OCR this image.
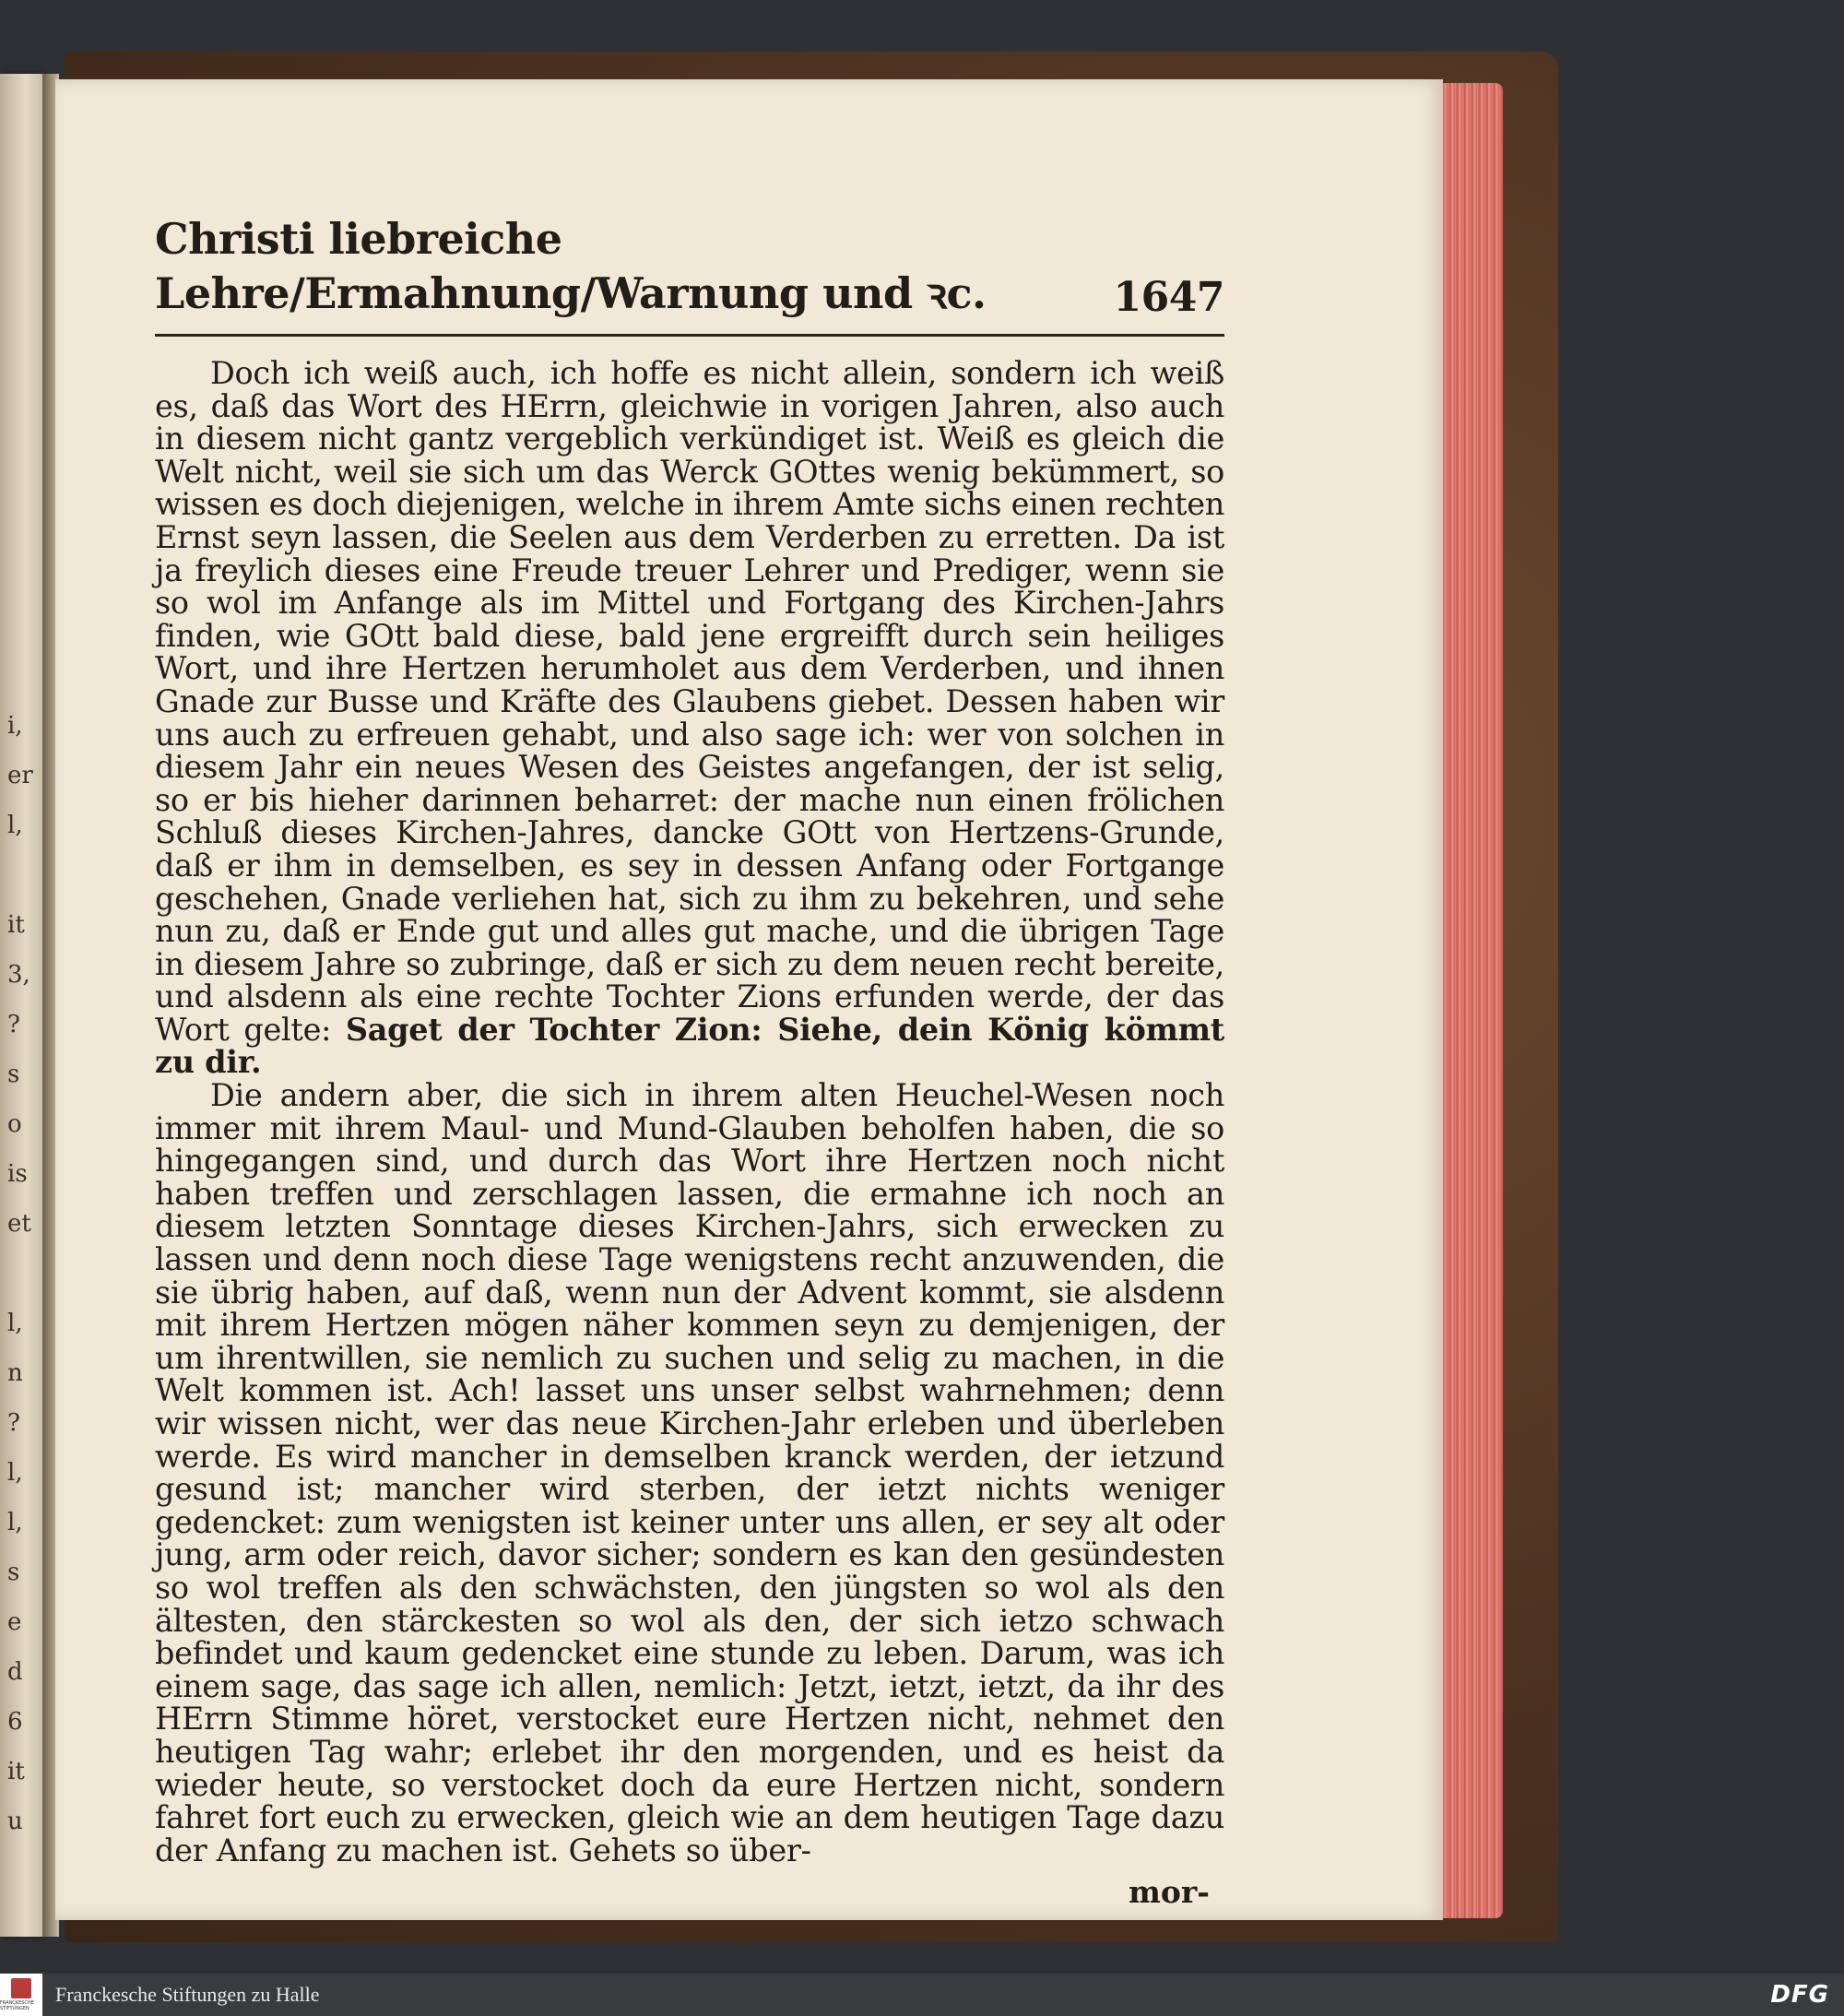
i,
er
l,

it
3,
?
s
o
is
et

l,
n
?
l,
l,
s
e
d
6
it
u
Christi liebreiche Lehre/Ermahnung/Warnung und ꝛc.	1647

Doch ich weiß auch, ich hoffe es nicht allein, sondern ich weiß es, daß das Wort des HErrn, gleichwie in vorigen Jahren, also auch in diesem nicht gantz vergeblich verkündiget ist. Weiß es gleich die Welt nicht, weil sie sich um das Werck GOttes wenig bekümmert, so wissen es doch diejenigen, welche in ihrem Amte sichs einen rechten Ernst seyn lassen, die Seelen aus dem Verderben zu erretten. Da ist ja freylich dieses eine Freude treuer Lehrer und Prediger, wenn sie so wol im Anfange als im Mittel und Fortgang des Kirchen-Jahrs finden, wie GOtt bald diese, bald jene ergreifft durch sein heiliges Wort, und ihre Hertzen herumholet aus dem Verderben, und ihnen Gnade zur Busse und Kräfte des Glaubens giebet. Dessen haben wir uns auch zu erfreuen gehabt, und also sage ich: wer von solchen in diesem Jahr ein neues Wesen des Geistes angefangen, der ist selig, so er bis hieher darinnen beharret: der mache nun einen frölichen Schluß dieses Kirchen-Jahres, dancke GOtt von Hertzens-Grunde, daß er ihm in demselben, es sey in dessen Anfang oder Fortgange geschehen, Gnade verliehen hat, sich zu ihm zu bekehren, und sehe nun zu, daß er Ende gut und alles gut mache, und die übrigen Tage in diesem Jahre so zubringe, daß er sich zu dem neuen recht bereite, und alsdenn als eine rechte Tochter Zions erfunden werde, der das Wort gelte: Saget der Tochter Zion: Siehe, dein König kömmt zu dir.

Die andern aber, die sich in ihrem alten Heuchel-Wesen noch immer mit ihrem Maul- und Mund-Glauben beholfen haben, die so hingegangen sind, und durch das Wort ihre Hertzen noch nicht haben treffen und zerschlagen lassen, die ermahne ich noch an diesem letzten Sonntage dieses Kirchen-Jahrs, sich erwecken zu lassen und denn noch diese Tage wenigstens recht anzuwenden, die sie übrig haben, auf daß, wenn nun der Advent kommt, sie alsdenn mit ihrem Hertzen mögen näher kommen seyn zu demjenigen, der um ihrentwillen, sie nemlich zu suchen und selig zu machen, in die Welt kommen ist. Ach! lasset uns unser selbst wahrnehmen; denn wir wissen nicht, wer das neue Kirchen-Jahr erleben und überleben werde. Es wird mancher in demselben kranck werden, der ietzund gesund ist; mancher wird sterben, der ietzt nichts weniger gedencket: zum wenigsten ist keiner unter uns allen, er sey alt oder jung, arm oder reich, davor sicher; sondern es kan den gesündesten so wol treffen als den schwächsten, den jüngsten so wol als den ältesten, den stärckesten so wol als den, der sich ietzo schwach befindet und kaum gedencket eine stunde zu leben. Darum, was ich einem sage, das sage ich allen, nemlich: Jetzt, ietzt, ietzt, da ihr des HErrn Stimme höret, verstocket eure Hertzen nicht, nehmet den heutigen Tag wahr; erlebet ihr den morgenden, und es heist da wieder heute, so verstocket doch da eure Hertzen nicht, sondern fahret fort euch zu erwecken, gleich wie an dem heutigen Tage dazu der Anfang zu machen ist. Gehets so über-

mor-
FRANCKESCHE STIFTUNGEN
Franckesche Stiftungen zu Halle	DFG
